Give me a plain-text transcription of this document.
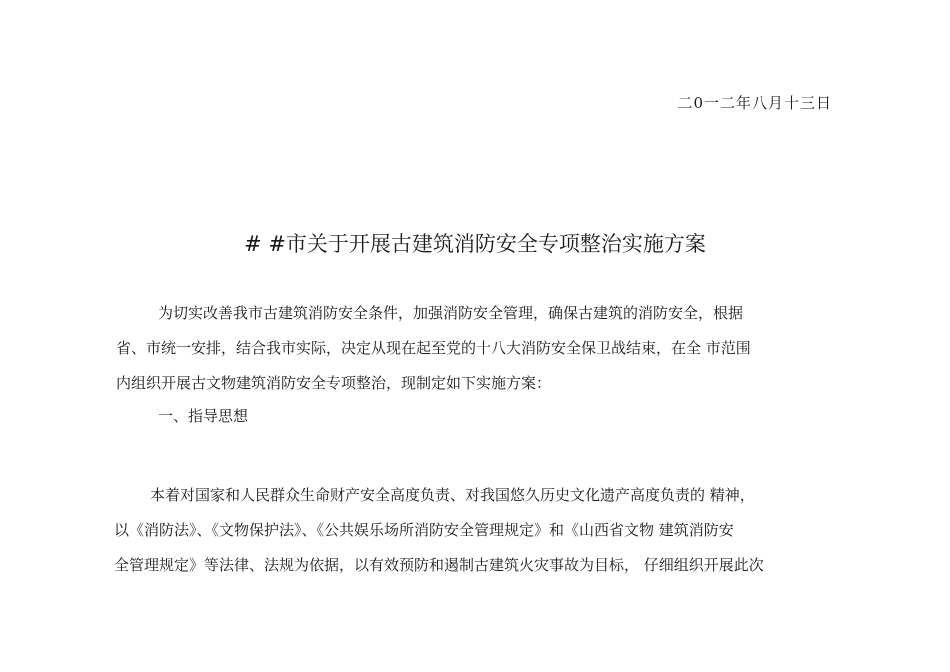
二0一二年八月十三日
# #市关于开展古建筑消防安全专项整治实施方案
为切实改善我市古建筑消防安全条件，加强消防安全管理，确保古建筑的消防安全，根据
省、市统一安排，结合我市实际，决定从现在起至党的十八大消防安全保卫战结束，在全 市范围
内组织开展古文物建筑消防安全专项整治，现制定如下实施方案：
一、指导思想
本着对国家和人民群众生命财产安全高度负责、对我国悠久历史文化遗产高度负责的 精神，
以《消防法》、《文物保护法》、《公共娱乐场所消防安全管理规定》和《山西省文物 建筑消防安
全管理规定》等法律、法规为依据，以有效预防和遏制古建筑火灾事故为目标， 仔细组织开展此次
